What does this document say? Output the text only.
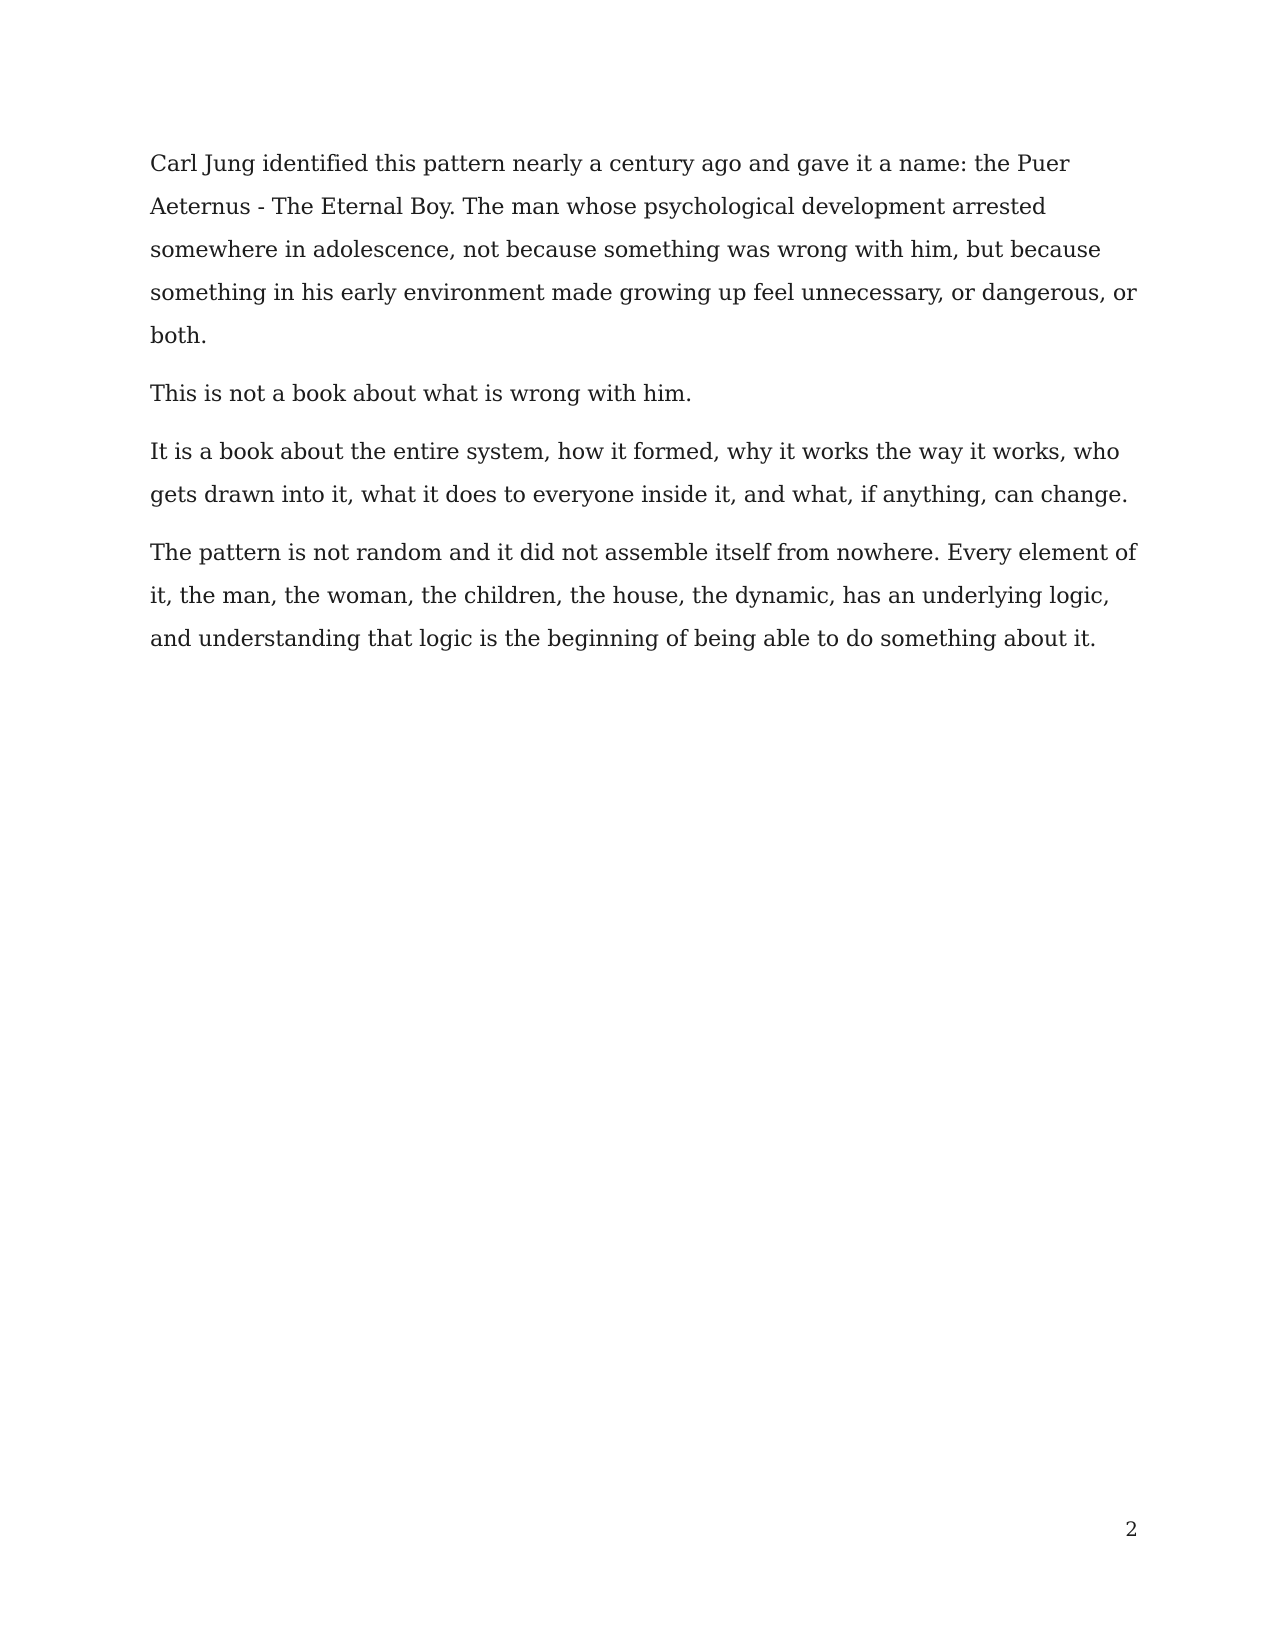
Carl Jung identified this pattern nearly a century ago and gave it a name: the Puer Aeternus - The Eternal Boy. The man whose psychological development arrested somewhere in adolescence, not because something was wrong with him, but because something in his early environment made growing up feel unnecessary, or dangerous, or both.

This is not a book about what is wrong with him.

It is a book about the entire system, how it formed, why it works the way it works, who gets drawn into it, what it does to everyone inside it, and what, if anything, can change.

The pattern is not random and it did not assemble itself from nowhere. Every element of it, the man, the woman, the children, the house, the dynamic, has an underlying logic, and understanding that logic is the beginning of being able to do something about it.

2
